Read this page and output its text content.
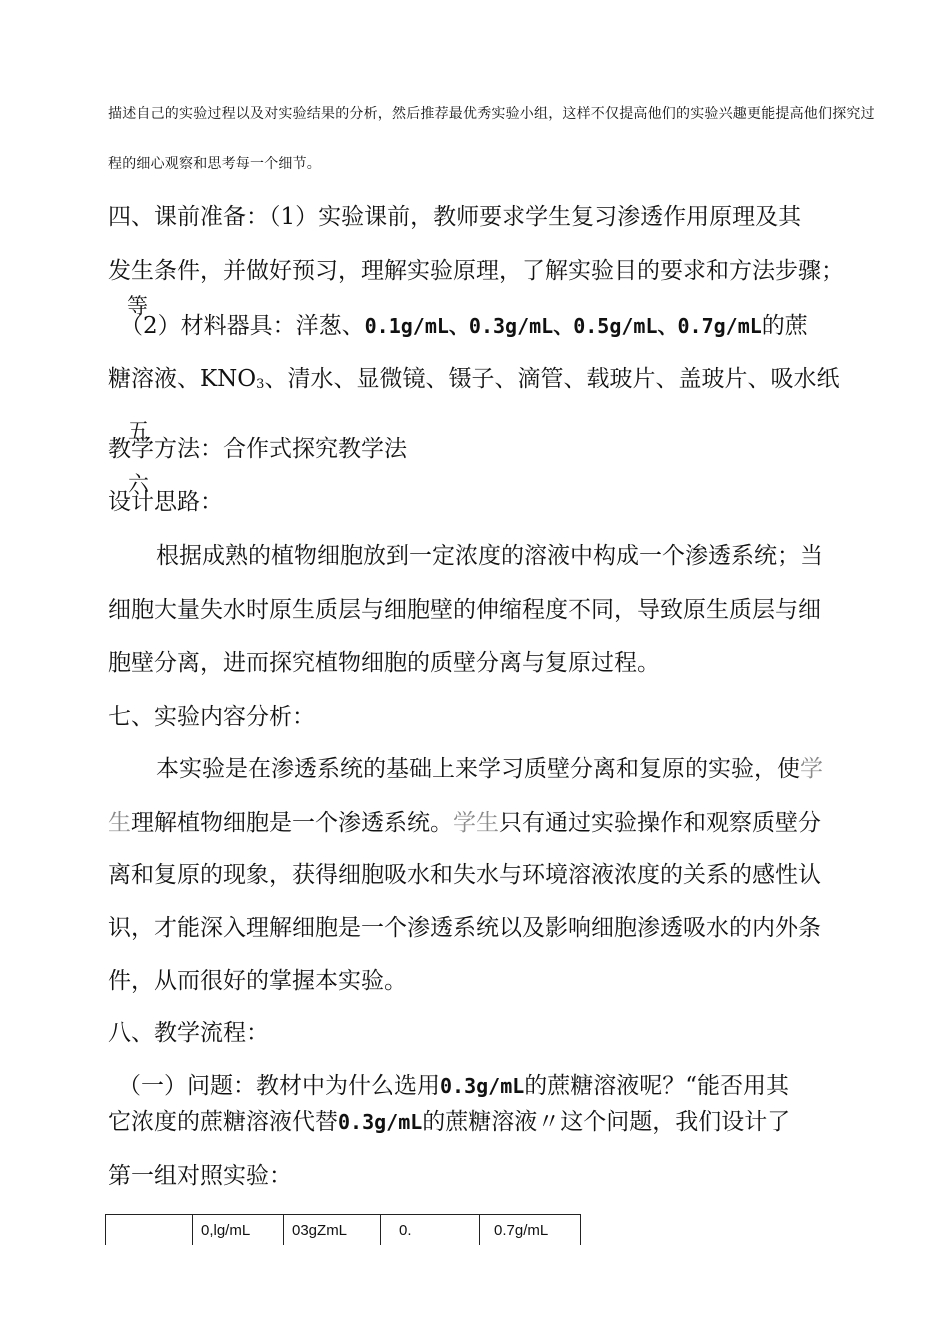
描述自己的实验过程以及对实验结果的分析，然后推荐最优秀实验小组，这样不仅提高他们的实验兴趣更能提高他们探究过

程的细心观察和思考每一个细节。

四、课前准备：（1）实验课前，教师要求学生复习渗透作用原理及其

发生条件，并做好预习，理解实验原理，了解实验目的要求和方法步骤；

等

（2）材料器具：洋葱、0.1g/mL、0.3g/mL、0.5g/mL、0.7g/mL的蔗

糖溶液、KNO3、清水、显微镜、镊子、滴管、载玻片、盖玻片、吸水纸

五

教学方法：合作式探究教学法

六

设计思路：

根据成熟的植物细胞放到一定浓度的溶液中构成一个渗透系统；当

细胞大量失水时原生质层与细胞壁的伸缩程度不同，导致原生质层与细

胞壁分离，进而探究植物细胞的质壁分离与复原过程。

七、实验内容分析：

本实验是在渗透系统的基础上来学习质壁分离和复原的实验，使学

生理解植物细胞是一个渗透系统。学生只有通过实验操作和观察质壁分

离和复原的现象，获得细胞吸水和失水与环境溶液浓度的关系的感性认

识，才能深入理解细胞是一个渗透系统以及影响细胞渗透吸水的内外条

件，从而很好的掌握本实验。

八、教学流程：

（一）问题：教材中为什么选用0.3g/mL的蔗糖溶液呢？“能否用其

它浓度的蔗糖溶液代替0.3g/mL的蔗糖溶液〃这个问题，我们设计了

第一组对照实验：

	0,lg/mL	03gZmL	0.	0.7g/mL
